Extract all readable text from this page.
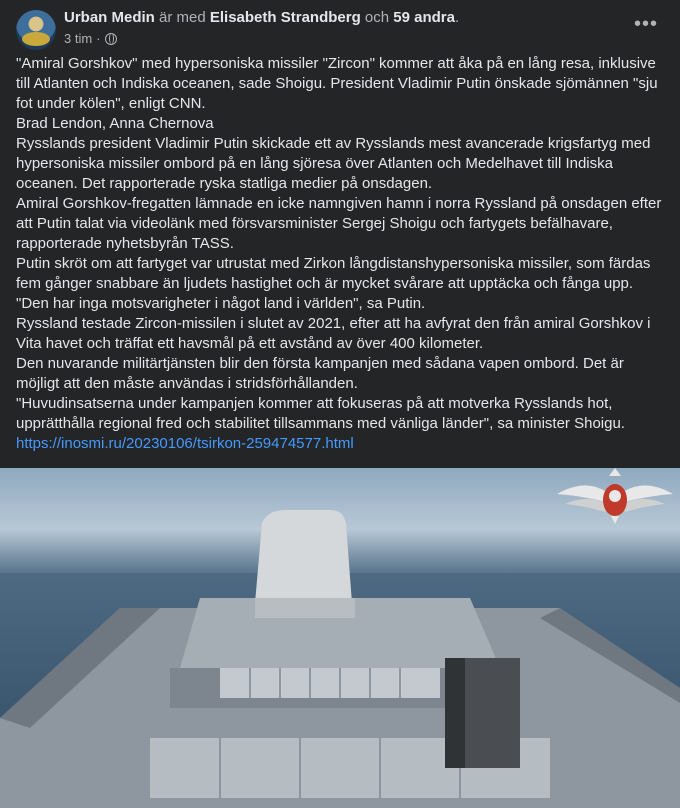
Urban Medin är med Elisabeth Strandberg och 59 andra.
3 tim ·
•••

"Amiral Gorshkov" med hypersoniska missiler "Zircon" kommer att åka på en lång resa, inklusive till Atlanten och Indiska oceanen, sade Shoigu. President Vladimir Putin önskade sjömännen "sju fot under kölen", enligt CNN.

Brad Lendon, Anna Chernova

Rysslands president Vladimir Putin skickade ett av Rysslands mest avancerade krigsfartyg med hypersoniska missiler ombord på en lång sjöresa över Atlanten och Medelhavet till Indiska oceanen. Det rapporterade ryska statliga medier på onsdagen.

Amiral Gorshkov-fregatten lämnade en icke namngiven hamn i norra Ryssland på onsdagen efter att Putin talat via videolänk med försvarsminister Sergej Shoigu och fartygets befälhavare, rapporterade nyhetsbyrån TASS.

Putin skröt om att fartyget var utrustat med Zirkon långdistanshypersoniska missiler, som färdas fem gånger snabbare än ljudets hastighet och är mycket svårare att upptäcka och fånga upp.

"Den har inga motsvarigheter i något land i världen", sa Putin.

Ryssland testade Zircon-missilen i slutet av 2021, efter att ha avfyrat den från amiral Gorshkov i Vita havet och träffat ett havsmål på ett avstånd av över 400 kilometer.

Den nuvarande militärtjänsten blir den första kampanjen med sådana vapen ombord. Det är möjligt att den måste användas i stridsförhållanden.

"Huvudinsatserna under kampanjen kommer att fokuseras på att motverka Rysslands hot, upprätthålla regional fred och stabilitet tillsammans med vänliga länder", sa minister Shoigu.

https://inosmi.ru/20230106/tsirkon-259474577.html
